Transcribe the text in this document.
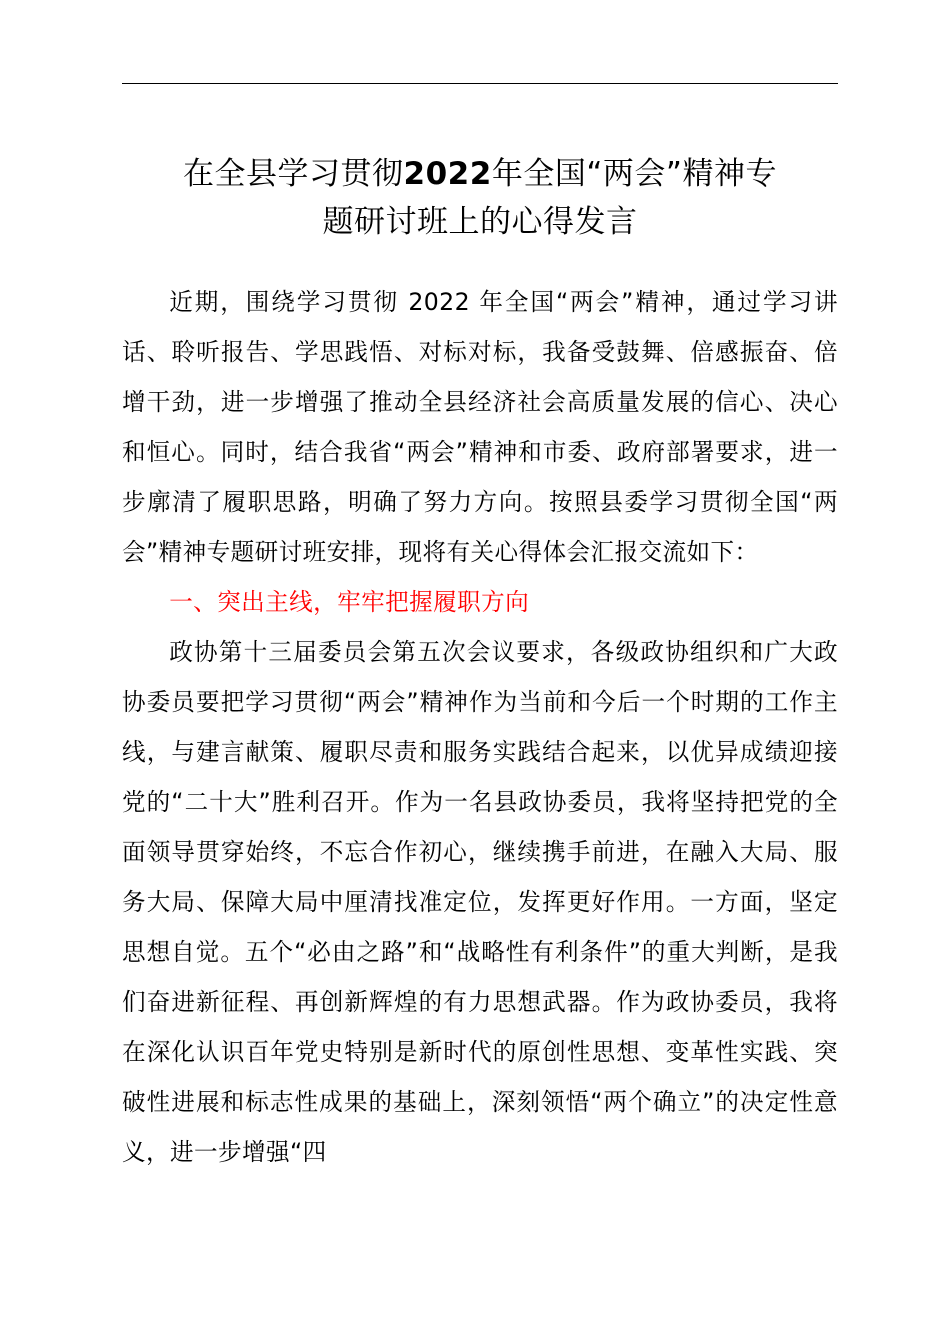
在全县学习贯彻2022年全国“两会”精神专
题研讨班上的心得发言

近期，围绕学习贯彻 2022 年全国“两会”精神，通过学习讲话、聆听报告、学思践悟、对标对标，我备受鼓舞、倍感振奋、倍增干劲，进一步增强了推动全县经济社会高质量发展的信心、决心和恒心。同时，结合我省“两会”精神和市委、政府部署要求，进一步廓清了履职思路，明确了努力方向。按照县委学习贯彻全国“两会”精神专题研讨班安排，现将有关心得体会汇报交流如下：

一、突出主线，牢牢把握履职方向

政协第十三届委员会第五次会议要求，各级政协组织和广大政协委员要把学习贯彻“两会”精神作为当前和今后一个时期的工作主线，与建言献策、履职尽责和服务实践结合起来，以优异成绩迎接党的“二十大”胜利召开。作为一名县政协委员，我将坚持把党的全面领导贯穿始终，不忘合作初心，继续携手前进，在融入大局、服务大局、保障大局中厘清找准定位，发挥更好作用。一方面，坚定思想自觉。五个“必由之路”和“战略性有利条件”的重大判断，是我们奋进新征程、再创新辉煌的有力思想武器。作为政协委员，我将在深化认识百年党史特别是新时代的原创性思想、变革性实践、突破性进展和标志性成果的基础上，深刻领悟“两个确立”的决定性意义，进一步增强“四
